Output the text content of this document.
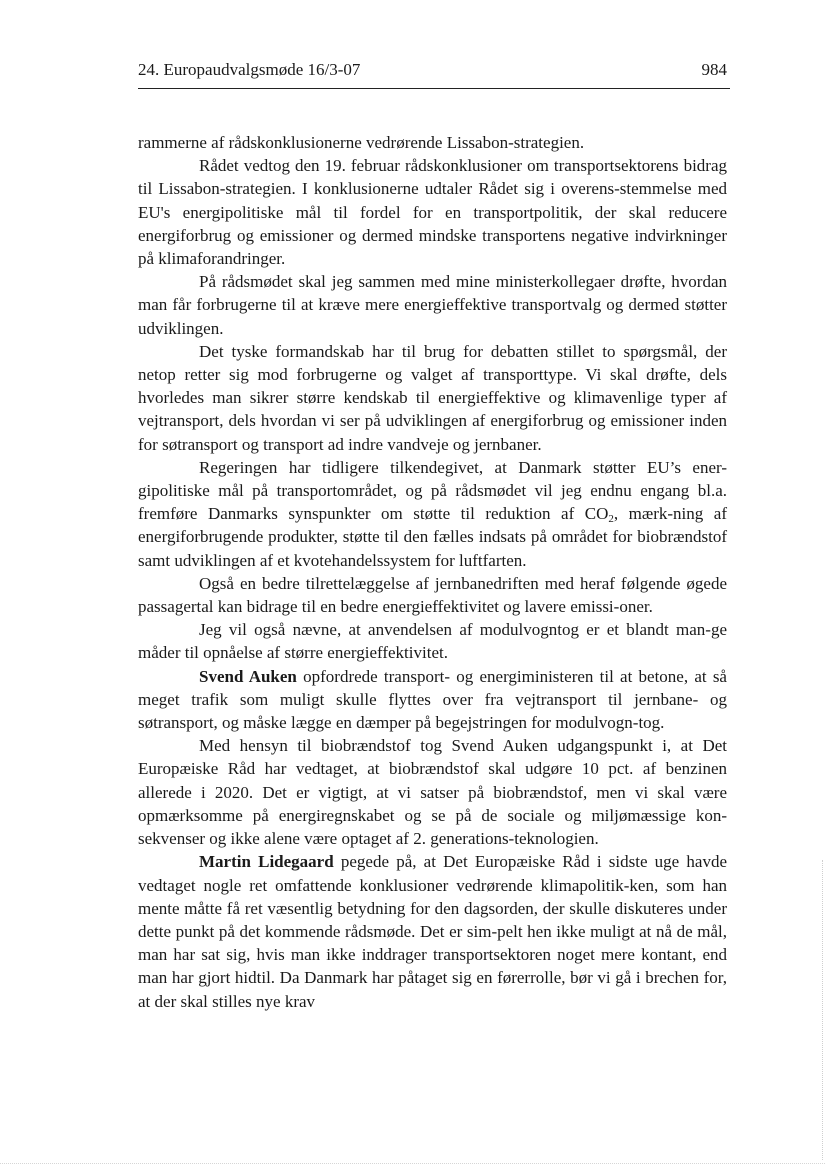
24. Europaudvalgsmøde 16/3-07	984

rammerne af rådskonklusionerne vedrørende Lissabon-strategien.

Rådet vedtog den 19. februar rådskonklusioner om transportsektorens bidrag til Lissabon-strategien. I konklusionerne udtaler Rådet sig i overens-stemmelse med EU's energipolitiske mål til fordel for en transportpolitik, der skal reducere energiforbrug og emissioner og dermed mindske transportens negative indvirkninger på klimaforandringer.

På rådsmødet skal jeg sammen med mine ministerkollegaer drøfte, hvordan man får forbrugerne til at kræve mere energieffektive transportvalg og dermed støtter udviklingen.

Det tyske formandskab har til brug for debatten stillet to spørgsmål, der netop retter sig mod forbrugerne og valget af transporttype. Vi skal drøfte, dels hvorledes man sikrer større kendskab til energieffektive og klimavenlige typer af vejtransport, dels hvordan vi ser på udviklingen af energiforbrug og emissioner inden for søtransport og transport ad indre vandveje og jernbaner.

Regeringen har tidligere tilkendegivet, at Danmark støtter EU’s ener-gipolitiske mål på transportområdet, og på rådsmødet vil jeg endnu engang bl.a. fremføre Danmarks synspunkter om støtte til reduktion af $CO_2$, mærk-ning af energiforbrugende produkter, støtte til den fælles indsats på området for biobrændstof samt udviklingen af et kvotehandelssystem for luftfarten.

Også en bedre tilrettelæggelse af jernbanedriften med heraf følgende øgede passagertal kan bidrage til en bedre energieffektivitet og lavere emissi-oner.

Jeg vil også nævne, at anvendelsen af modulvogntog er et blandt man-ge måder til opnåelse af større energieffektivitet.

Svend Auken opfordrede transport- og energiministeren til at betone, at så meget trafik som muligt skulle flyttes over fra vejtransport til jernbane- og søtransport, og måske lægge en dæmper på begejstringen for modulvogn-tog.

Med hensyn til biobrændstof tog Svend Auken udgangspunkt i, at Det Europæiske Råd har vedtaget, at biobrændstof skal udgøre 10 pct. af benzinen allerede i 2020. Det er vigtigt, at vi satser på biobrændstof, men vi skal være opmærksomme på energiregnskabet og se på de sociale og miljømæssige kon-sekvenser og ikke alene være optaget af 2. generations-teknologien.

Martin Lidegaard pegede på, at Det Europæiske Råd i sidste uge havde vedtaget nogle ret omfattende konklusioner vedrørende klimapolitik-ken, som han mente måtte få ret væsentlig betydning for den dagsorden, der skulle diskuteres under dette punkt på det kommende rådsmøde. Det er sim-pelt hen ikke muligt at nå de mål, man har sat sig, hvis man ikke inddrager transportsektoren noget mere kontant, end man har gjort hidtil. Da Danmark har påtaget sig en førerrolle, bør vi gå i brechen for, at der skal stilles nye krav
